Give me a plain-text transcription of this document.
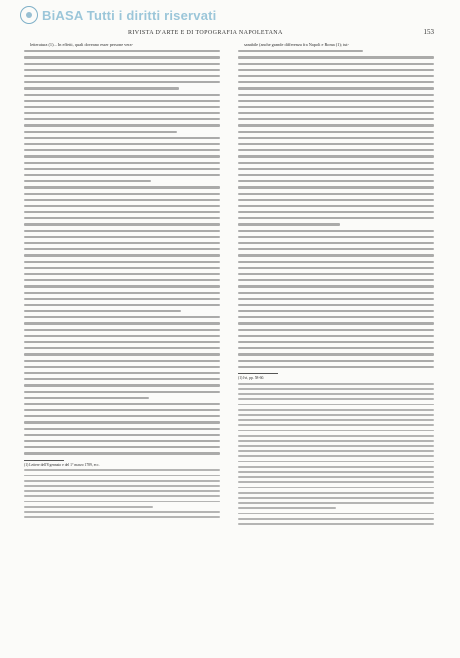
BiASA Tutti i diritti riservati
RIVISTA D'ARTE E DI TOPOGRAFIA NAPOLETANA	153

letteratura (1)... In effetti, quali doveano esser persone vera-

(1) Lettere dell'8 gennaio e del 1° marzo 1789, ecc.

sanabile (anche grande differenza fra Napoli e Roma (1); tut-

(1) Ivi, pp. 58-60.
